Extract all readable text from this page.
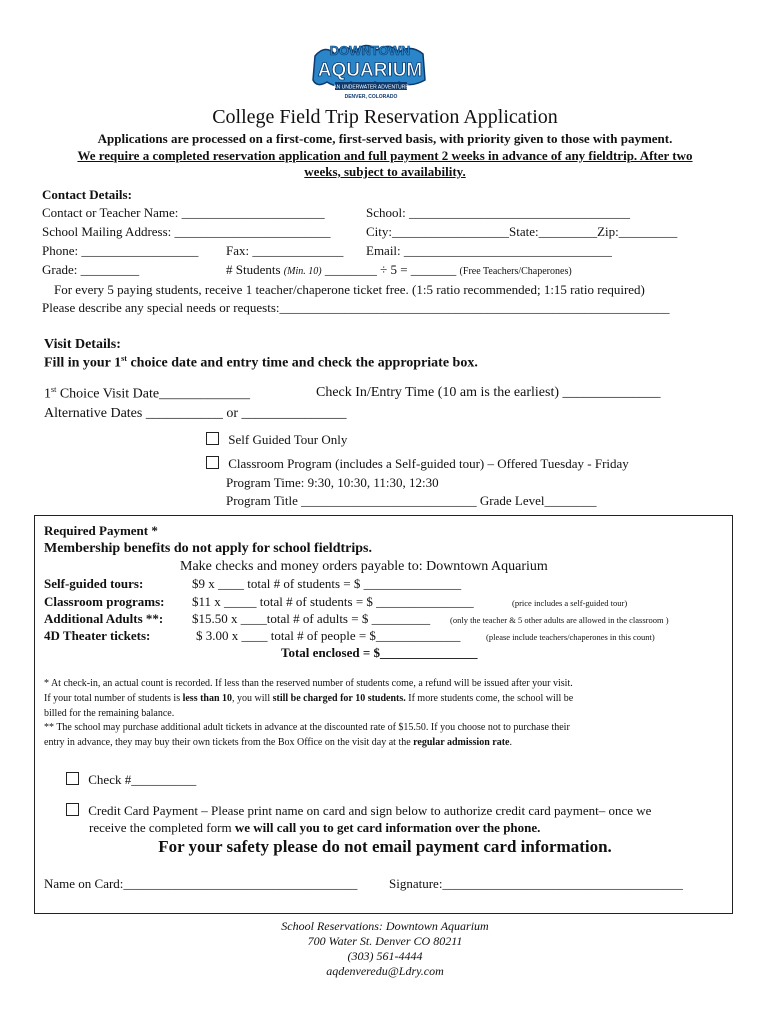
DOWNTOWN
AQUARIUM
AN UNDERWATER ADVENTURE
DENVER, COLORADO
College Field Trip Reservation Application
Applications are processed on a first-come, first-served basis, with priority given to those with payment.
We require a completed reservation application and full payment 2 weeks in advance of any fieldtrip. After two
weeks, subject to availability.
Contact Details:
Contact or Teacher Name: ______________________	School: __________________________________
School Mailing Address: ________________________	City:__________________State:_________Zip:_________
Phone: __________________ Fax: ______________ Email: ________________________________
Grade: _________	# Students (Min. 10) ________ ÷ 5 = _______ (Free Teachers/Chaperones)
For every 5 paying students, receive 1 teacher/chaperone ticket free. (1:5 ratio recommended; 1:15 ratio required)
Please describe any special needs or requests:____________________________________________________________
Visit Details:
Fill in your 1st choice date and entry time and check the appropriate box.
1st Choice Visit Date_____________	Check In/Entry Time (10 am is the earliest) ______________
Alternative Dates ___________ or _______________
Self Guided Tour Only
Classroom Program (includes a Self-guided tour) – Offered Tuesday - Friday
Program Time: 9:30, 10:30, 11:30, 12:30
Program Title ___________________________ Grade Level________
Required Payment *
Membership benefits do not apply for school fieldtrips.
Make checks and money orders payable to: Downtown Aquarium
Self-guided tours:	$9 x ____ total # of students = $ _______________
Classroom programs: $11 x _____ total # of students = $ _______________	(price includes a self-guided tour)
Additional Adults **: $15.50 x ____total # of adults = $ _________ (only the teacher & 5 other adults are allowed in the classroom )
4D Theater tickets:	$ 3.00 x ____ total # of people = $_____________	(please include teachers/chaperones in this count)
Total enclosed = $_______________
* At check-in, an actual count is recorded. If less than the reserved number of students come, a refund will be issued after your visit.
If your total number of students is less than 10, you will still be charged for 10 students. If more students come, the school will be
billed for the remaining balance.
** The school may purchase additional adult tickets in advance at the discounted rate of $15.50. If you choose not to purchase their
entry in advance, they may buy their own tickets from the Box Office on the visit day at the regular admission rate.
Check #__________
Credit Card Payment – Please print name on card and sign below to authorize credit card payment– once we
receive the completed form we will call you to get card information over the phone.
For your safety please do not email payment card information.
Name on Card:____________________________________ Signature:_____________________________________
School Reservations: Downtown Aquarium
700 Water St. Denver CO 80211
(303) 561-4444
aqdenveredu@Ldry.com
